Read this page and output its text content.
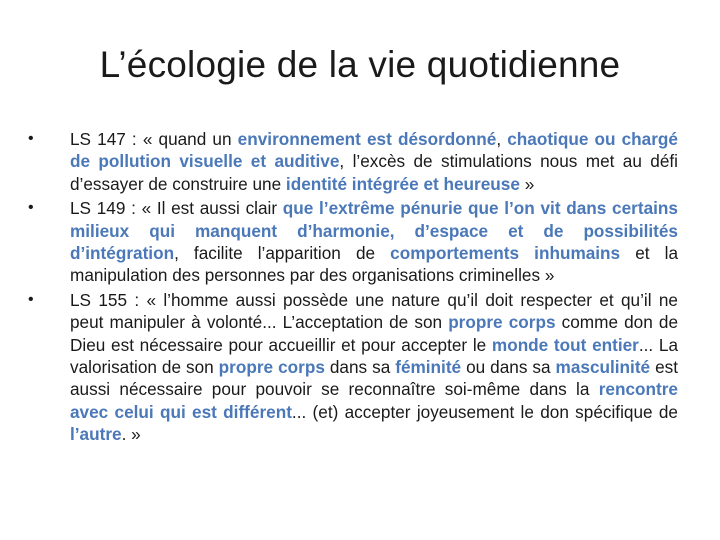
L’écologie de la vie quotidienne
•	LS 147 : « quand un environnement est désordonné, chaotique ou chargé de pollution visuelle et auditive, l’excès de stimulations nous met au défi d’essayer de construire une identité intégrée et heureuse »
•	LS 149 : « Il est aussi clair que l’extrême pénurie que l’on vit dans certains milieux qui manquent d’harmonie, d’espace et de possibilités d’intégration, facilite l’apparition de comportements inhumains et la manipulation des personnes par des organisations criminelles »
•	LS 155 : « l’homme aussi possède une nature qu’il doit respecter et qu’il ne peut manipuler à volonté... L’acceptation de son propre corps comme don de Dieu est nécessaire pour accueillir et pour accepter le monde tout entier... La valorisation de son propre corps dans sa féminité ou dans sa masculinité est aussi nécessaire pour pouvoir se reconnaître soi-même dans la rencontre avec celui qui est différent... (et) accepter joyeusement le don spécifique de l’autre. »
